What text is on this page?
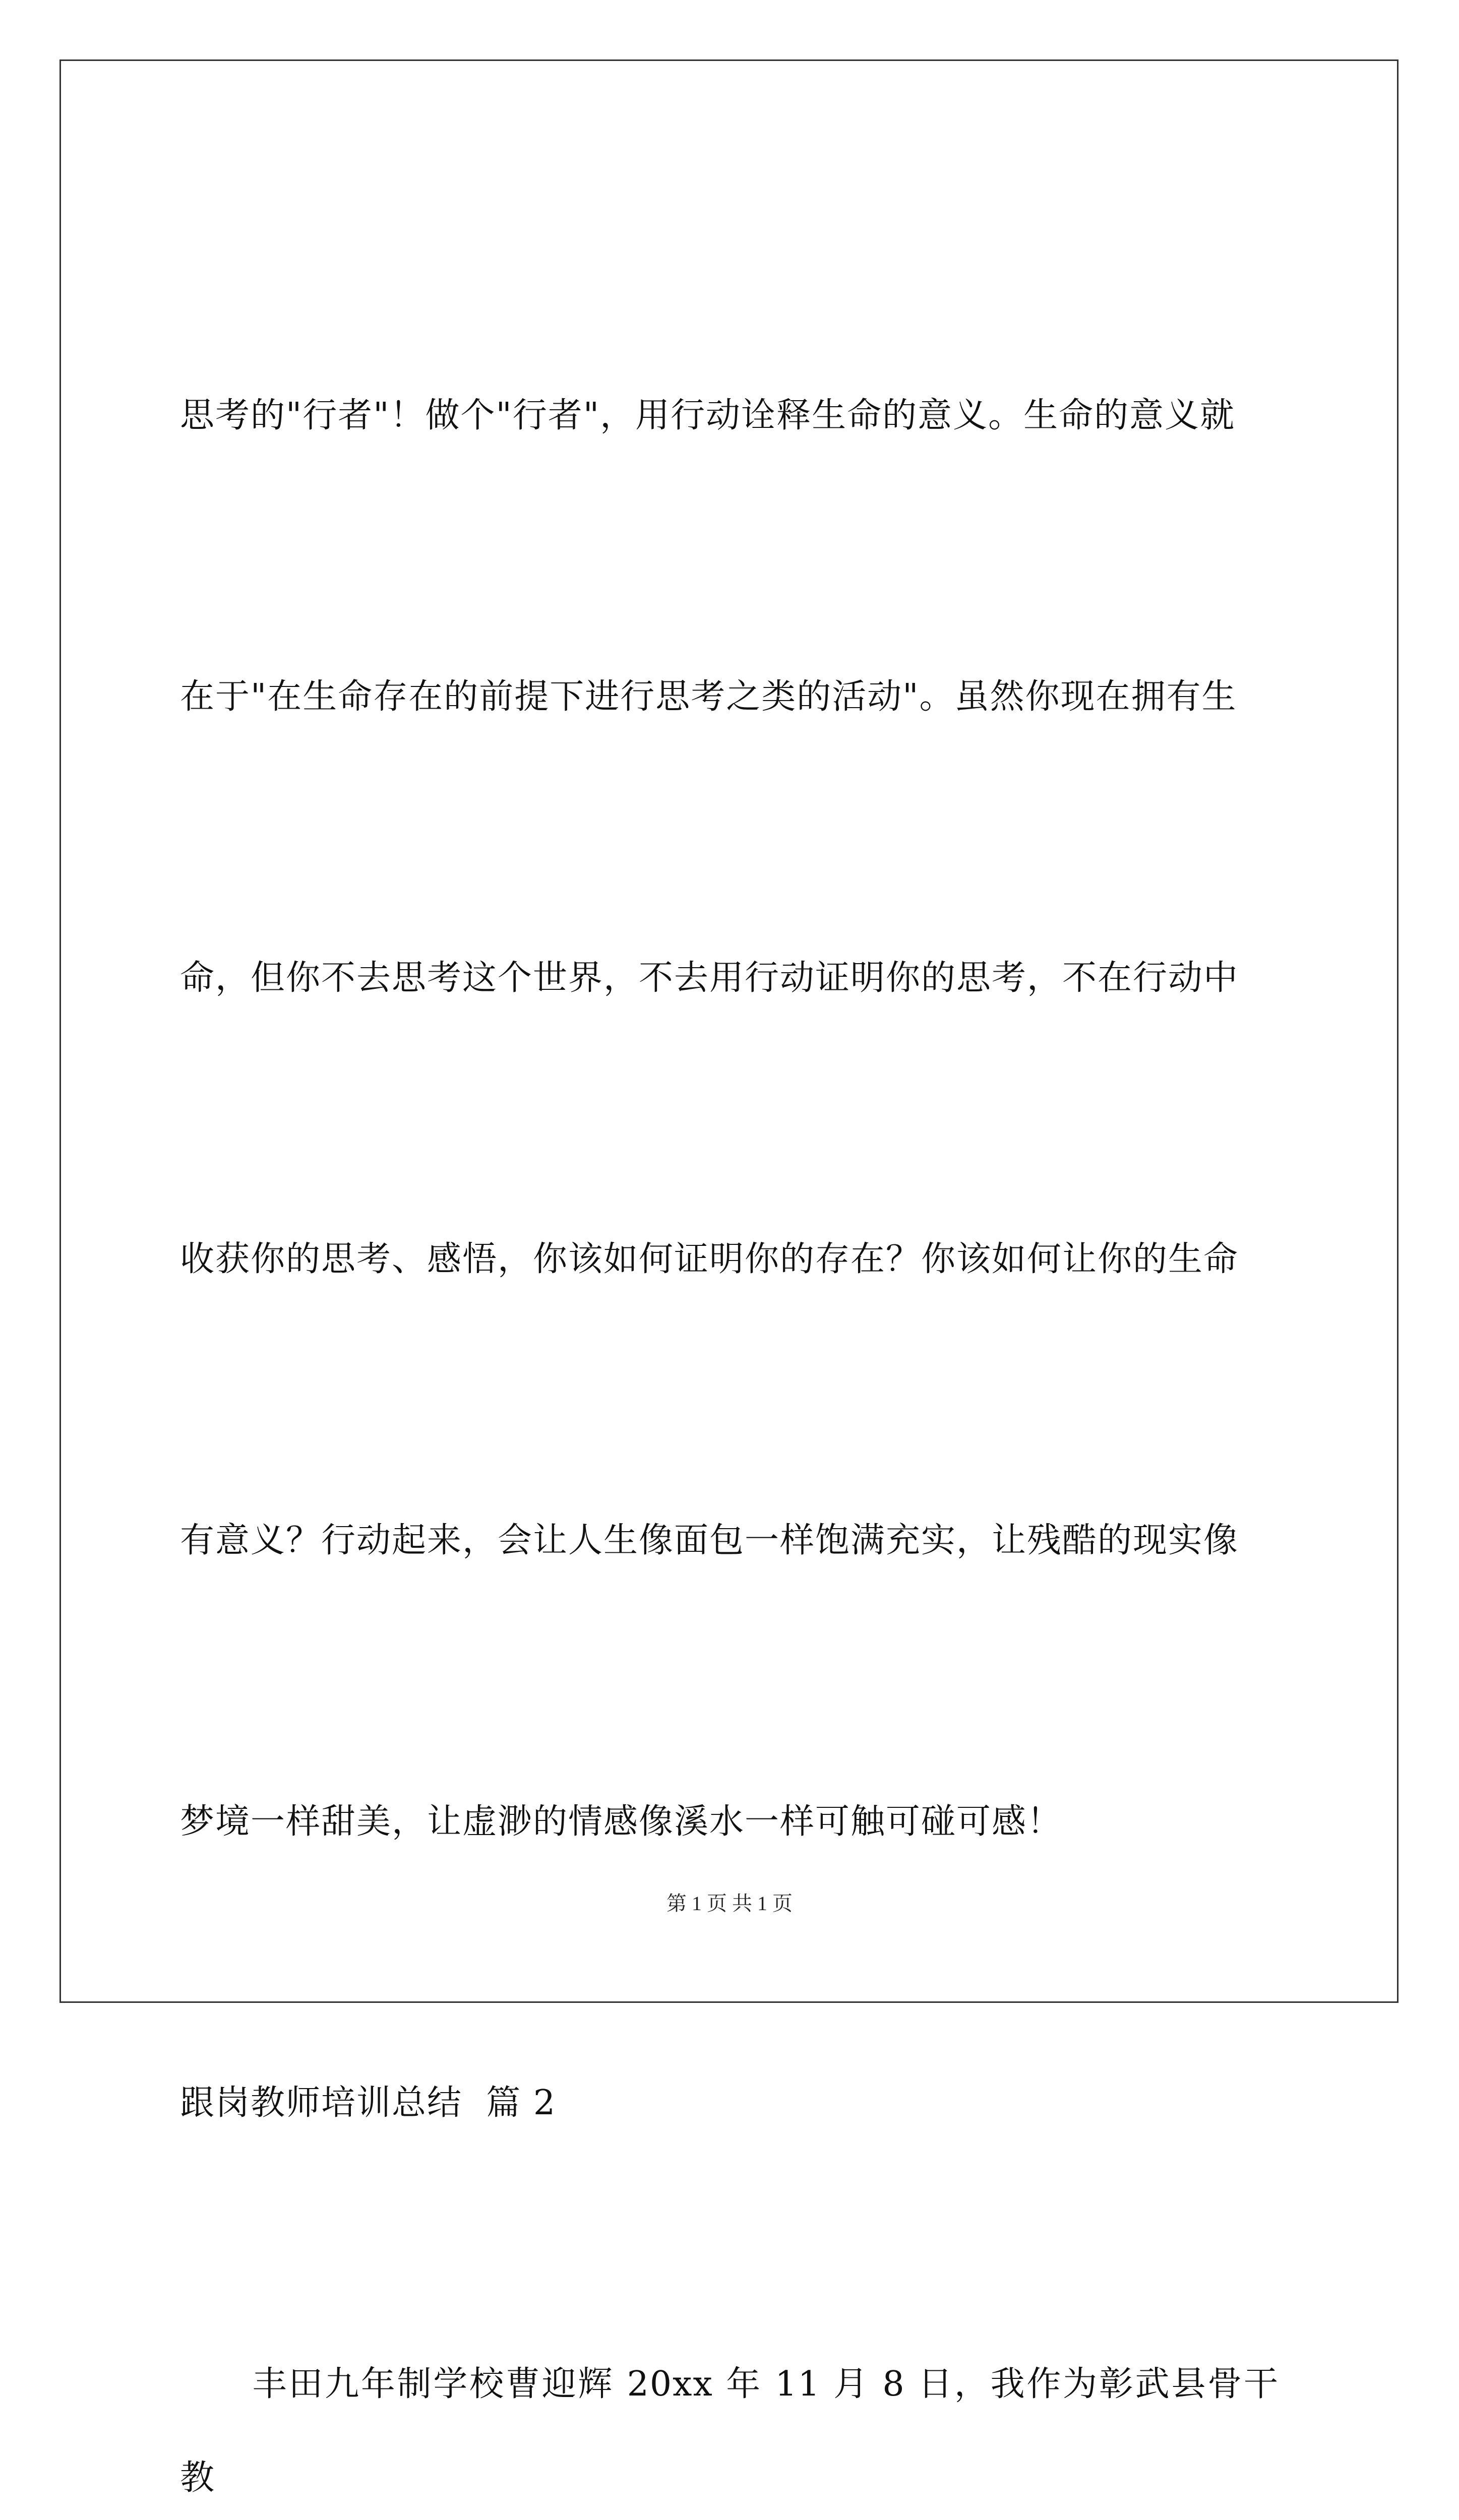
思考的"行者"！做个"行者"，用行动诠释生命的意义。生命的意义就

在于"在生命存在的前提下进行思考之类的活动"。虽然你现在拥有生

命，但你不去思考这个世界，不去用行动证明你的思考，不在行动中

收获你的思考、感悟，你该如何证明你的存在？你该如何让你的生命

有意义？行动起来，会让人生像面包一样饱满充实，让残酷的现实像

梦境一样甜美，让虚渺的情感像溪水一样可触可碰可感！

跟岗教师培训总结  篇 2

　　丰田九年制学校曹迎辉 20xx 年 11 月 8 日，我作为彰武县骨干教

第 1 页 共 1 页
